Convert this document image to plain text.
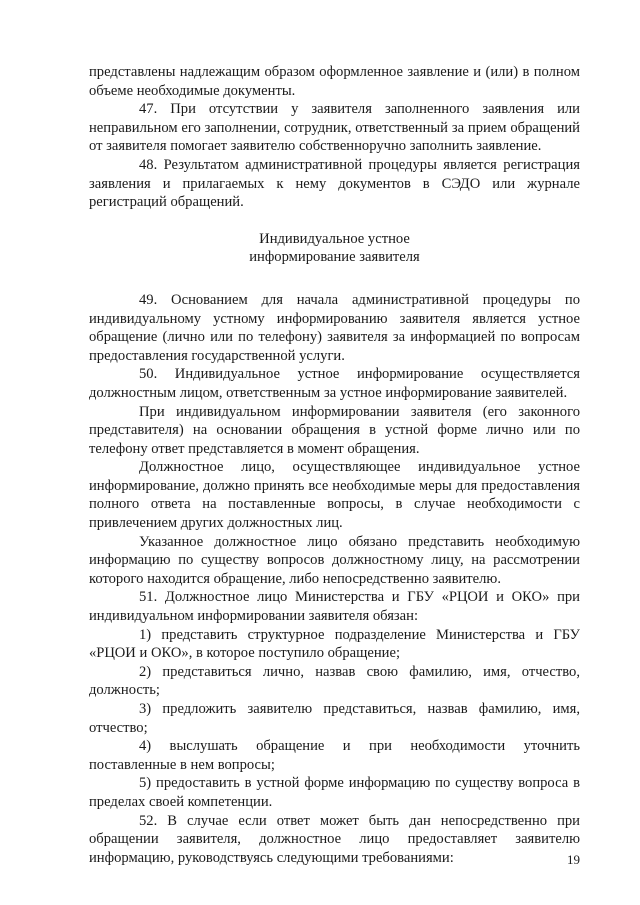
представлены надлежащим образом оформленное заявление и (или) в полном объеме необходимые документы.

47. При отсутствии у заявителя заполненного заявления или неправильном его заполнении, сотрудник, ответственный за прием обращений от заявителя помогает заявителю собственноручно заполнить заявление.

48. Результатом административной процедуры является регистрация заявления и прилагаемых к нему документов в СЭДО или журнале регистраций обращений.

Индивидуальное устное

информирование заявителя

49. Основанием для начала административной процедуры по индивидуальному устному информированию заявителя является устное обращение (лично или по телефону) заявителя за информацией по вопросам предоставления государственной услуги.

50. Индивидуальное устное информирование осуществляется должностным лицом, ответственным за устное информирование заявителей.

При индивидуальном информировании заявителя (его законного представителя) на основании обращения в устной форме лично или по телефону ответ представляется в момент обращения.

Должностное лицо, осуществляющее индивидуальное устное информирование, должно принять все необходимые меры для предоставления полного ответа на поставленные вопросы, в случае необходимости с привлечением других должностных лиц.

Указанное должностное лицо обязано представить необходимую информацию по существу вопросов должностному лицу, на рассмотрении которого находится обращение, либо непосредственно заявителю.

51. Должностное лицо Министерства и ГБУ «РЦОИ и ОКО» при индивидуальном информировании заявителя обязан:

1) представить структурное подразделение Министерства и ГБУ «РЦОИ и ОКО», в которое поступило обращение;

2) представиться лично, назвав свою фамилию, имя, отчество, должность;

3) предложить заявителю представиться, назвав фамилию, имя, отчество;

4) выслушать обращение и при необходимости уточнить поставленные в нем вопросы;

5) предоставить в устной форме информацию по существу вопроса в пределах своей компетенции.

52. В случае если ответ может быть дан непосредственно при обращении заявителя, должностное лицо предоставляет заявителю информацию, руководствуясь следующими требованиями:	19
